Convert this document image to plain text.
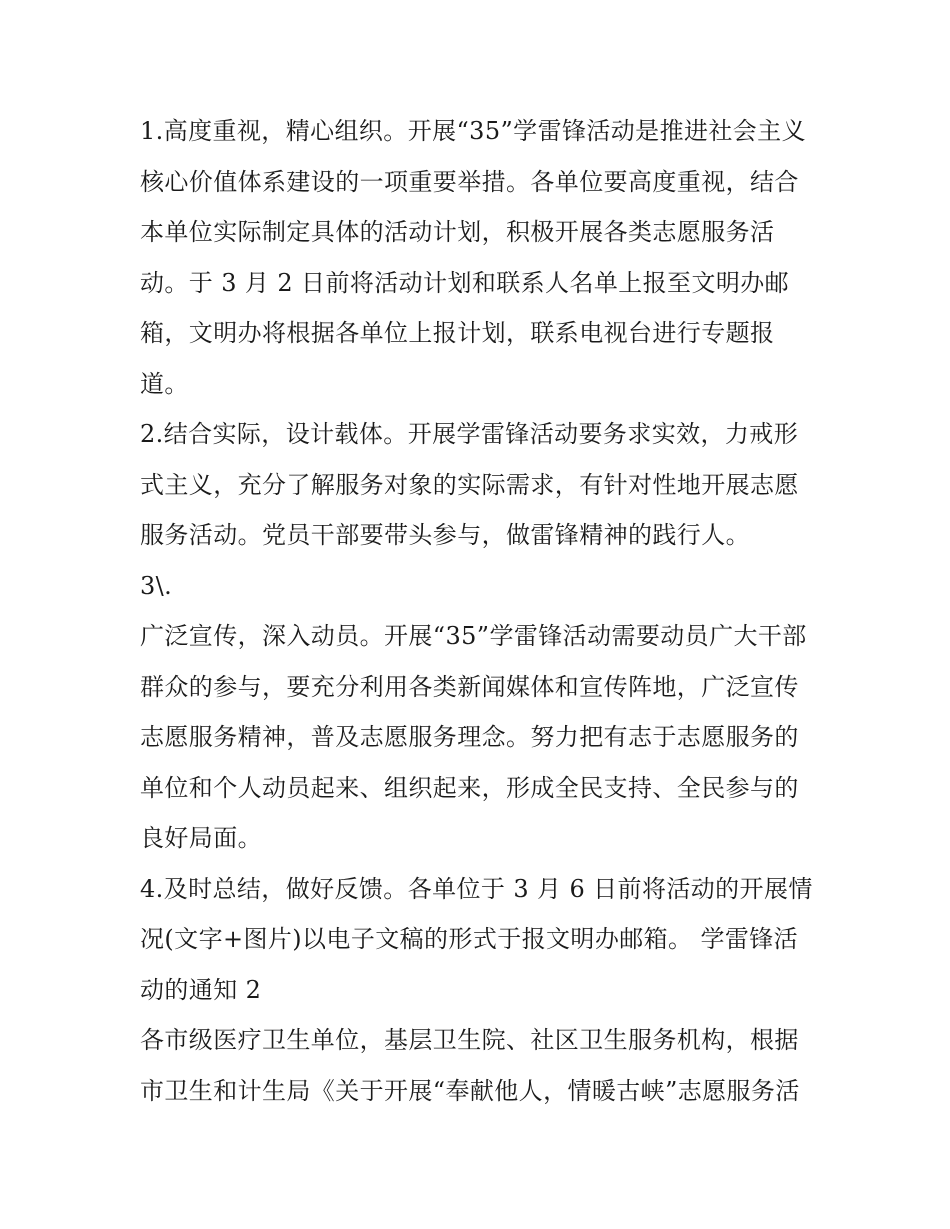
1.高度重视，精心组织。开展“35”学雷锋活动是推进社会主义
核心价值体系建设的一项重要举措。各单位要高度重视，结合
本单位实际制定具体的活动计划，积极开展各类志愿服务活
动。于 3 月 2 日前将活动计划和联系人名单上报至文明办邮
箱，文明办将根据各单位上报计划，联系电视台进行专题报
道。
2.结合实际，设计载体。开展学雷锋活动要务求实效，力戒形
式主义，充分了解服务对象的实际需求，有针对性地开展志愿
服务活动。党员干部要带头参与，做雷锋精神的践行人。
3\.
广泛宣传，深入动员。开展“35”学雷锋活动需要动员广大干部
群众的参与，要充分利用各类新闻媒体和宣传阵地，广泛宣传
志愿服务精神，普及志愿服务理念。努力把有志于志愿服务的
单位和个人动员起来、组织起来，形成全民支持、全民参与的
良好局面。
4.及时总结，做好反馈。各单位于 3 月 6 日前将活动的开展情
况(文字+图片)以电子文稿的形式于报文明办邮箱。 学雷锋活
动的通知 2
各市级医疗卫生单位，基层卫生院、社区卫生服务机构，根据
市卫生和计生局《关于开展“奉献他人，情暖古峡”志愿服务活
